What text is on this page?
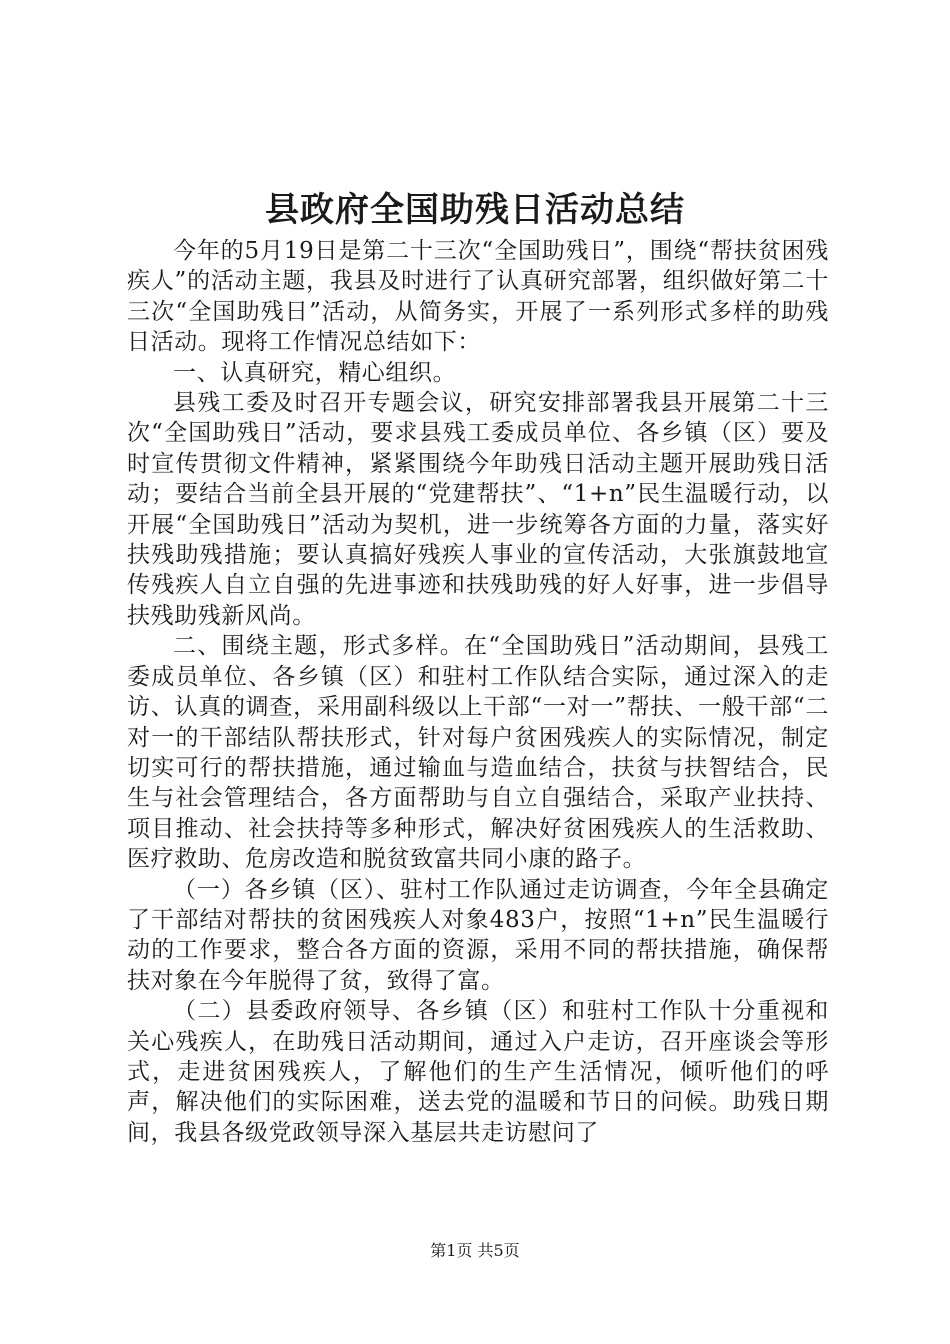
县政府全国助残日活动总结

今年的5月19日是第二十三次“全国助残日”，围绕“帮扶贫困残疾人”的活动主题，我县及时进行了认真研究部署，组织做好第二十三次“全国助残日”活动，从简务实，开展了一系列形式多样的助残日活动。现将工作情况总结如下：

一、认真研究，精心组织。

县残工委及时召开专题会议，研究安排部署我县开展第二十三次“全国助残日”活动，要求县残工委成员单位、各乡镇（区）要及时宣传贯彻文件精神，紧紧围绕今年助残日活动主题开展助残日活动；要结合当前全县开展的“党建帮扶”、“1+n”民生温暖行动，以开展“全国助残日”活动为契机，进一步统筹各方面的力量，落实好扶残助残措施；要认真搞好残疾人事业的宣传活动，大张旗鼓地宣传残疾人自立自强的先进事迹和扶残助残的好人好事，进一步倡导扶残助残新风尚。

二、围绕主题，形式多样。在“全国助残日”活动期间，县残工委成员单位、各乡镇（区）和驻村工作队结合实际，通过深入的走访、认真的调查，采用副科级以上干部“一对一”帮扶、一般干部“二对一的干部结队帮扶形式，针对每户贫困残疾人的实际情况，制定切实可行的帮扶措施，通过输血与造血结合，扶贫与扶智结合，民生与社会管理结合，各方面帮助与自立自强结合，采取产业扶持、项目推动、社会扶持等多种形式，解决好贫困残疾人的生活救助、医疗救助、危房改造和脱贫致富共同小康的路子。

（一）各乡镇（区）、驻村工作队通过走访调查，今年全县确定了干部结对帮扶的贫困残疾人对象483户，按照“1+n”民生温暖行动的工作要求，整合各方面的资源，采用不同的帮扶措施，确保帮扶对象在今年脱得了贫，致得了富。

（二）县委政府领导、各乡镇（区）和驻村工作队十分重视和关心残疾人，在助残日活动期间，通过入户走访，召开座谈会等形式，走进贫困残疾人，了解他们的生产生活情况，倾听他们的呼声，解决他们的实际困难，送去党的温暖和节日的问候。助残日期间，我县各级党政领导深入基层共走访慰问了

第1页 共5页
